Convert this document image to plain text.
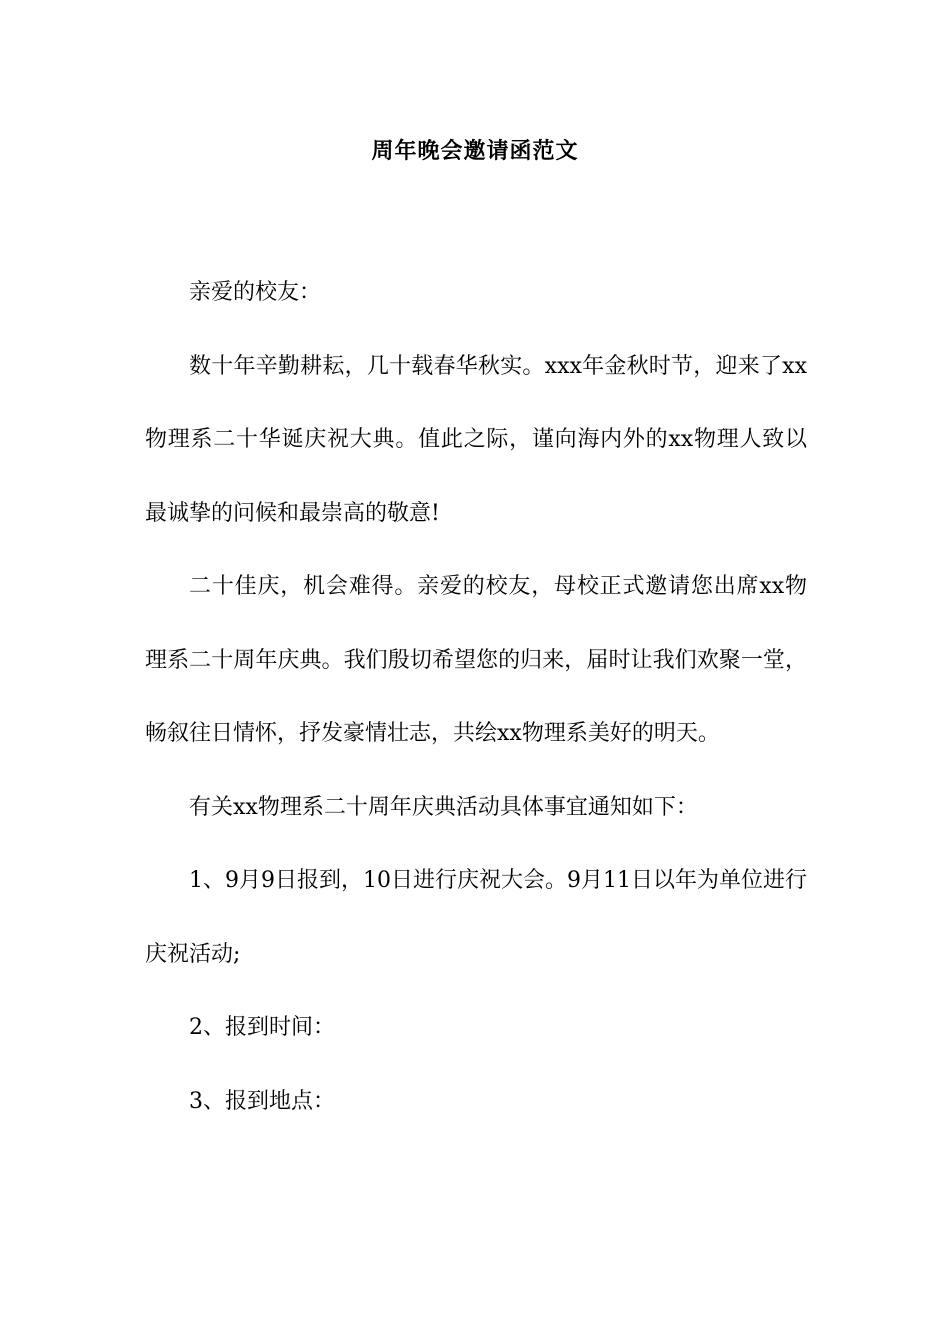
周年晚会邀请函范文

亲爱的校友：

数十年辛勤耕耘，几十载春华秋实。xxx年金秋时节，迎来了xx物理系二十华诞庆祝大典。值此之际，谨向海内外的xx物理人致以最诚挚的问候和最崇高的敬意!

二十佳庆，机会难得。亲爱的校友，母校正式邀请您出席xx物理系二十周年庆典。我们殷切希望您的归来，届时让我们欢聚一堂，畅叙往日情怀，抒发豪情壮志，共绘xx物理系美好的明天。

有关xx物理系二十周年庆典活动具体事宜通知如下：

1、9月9日报到，10日进行庆祝大会。9月11日以年为单位进行庆祝活动;

2、报到时间：

3、报到地点：
